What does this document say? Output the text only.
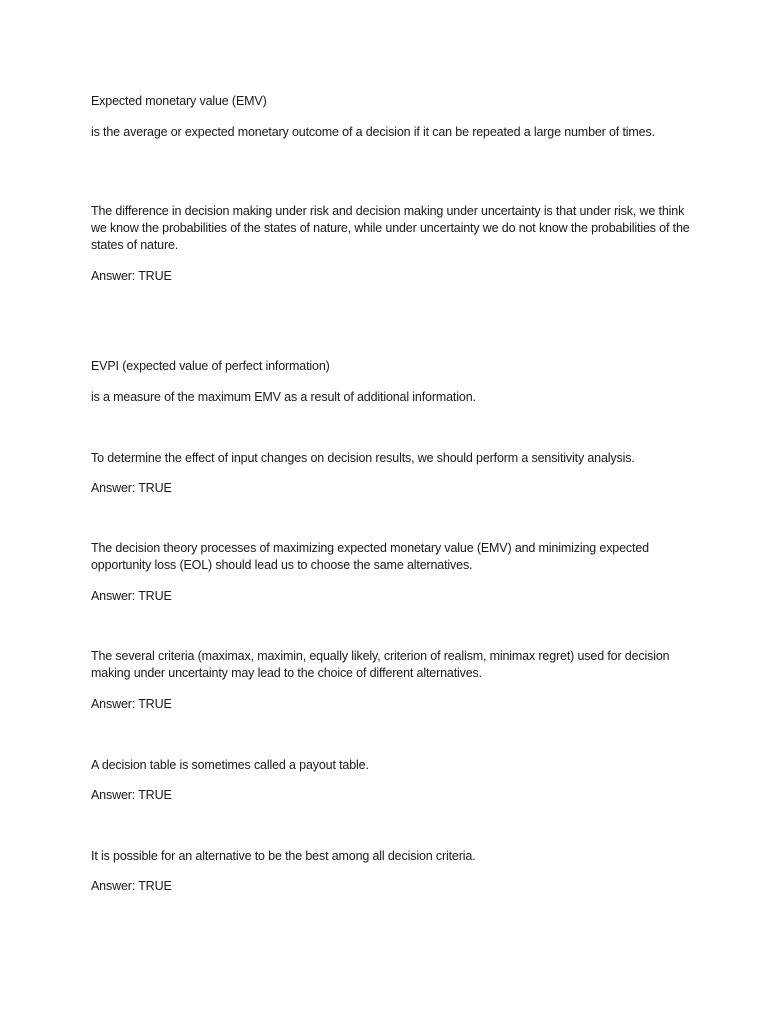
Expected monetary value (EMV)

is the average or expected monetary outcome of a decision if it can be repeated a large number of times.

The difference in decision making under risk and decision making under uncertainty is that under risk, we think we know the probabilities of the states of nature, while under uncertainty we do not know the probabilities of the states of nature.

Answer: TRUE

EVPI (expected value of perfect information)

is a measure of the maximum EMV as a result of additional information.

To determine the effect of input changes on decision results, we should perform a sensitivity analysis.

Answer: TRUE

The decision theory processes of maximizing expected monetary value (EMV) and minimizing expected opportunity loss (EOL) should lead us to choose the same alternatives.

Answer: TRUE

The several criteria (maximax, maximin, equally likely, criterion of realism, minimax regret) used for decision making under uncertainty may lead to the choice of different alternatives.

Answer: TRUE

A decision table is sometimes called a payout table.

Answer: TRUE

It is possible for an alternative to be the best among all decision criteria.

Answer: TRUE
